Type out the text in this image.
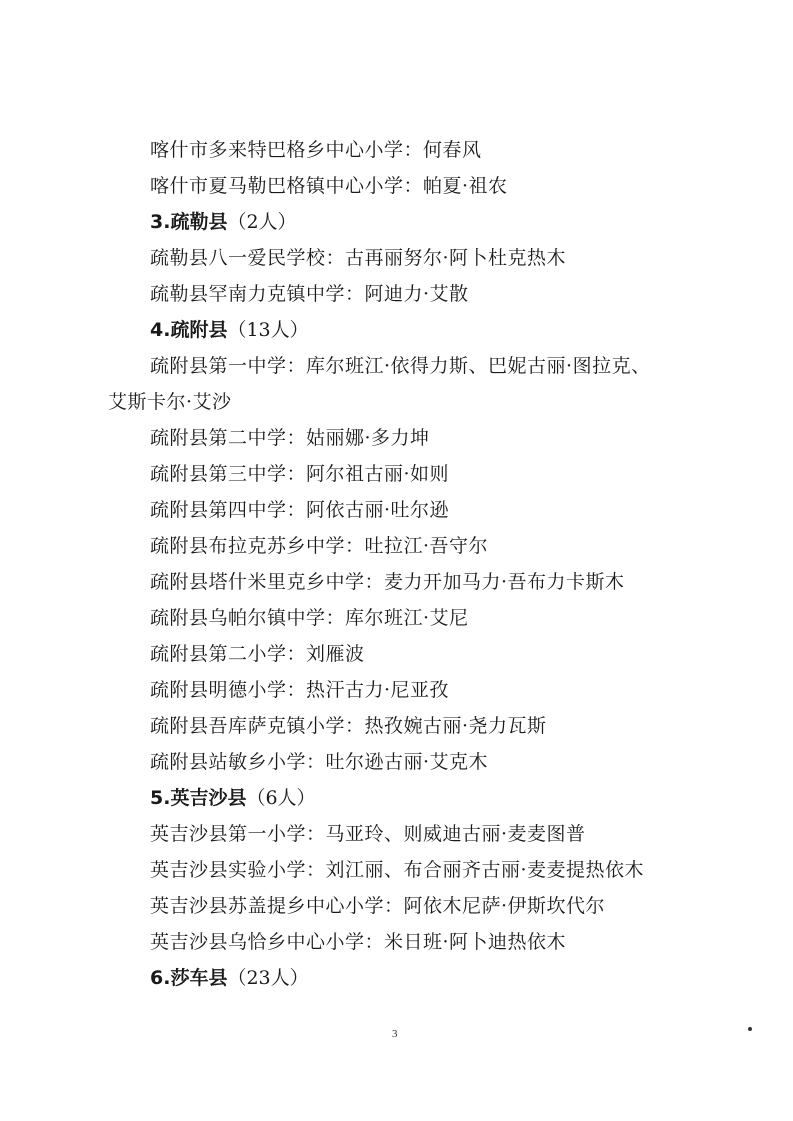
喀什市多来特巴格乡中心小学：何春风
喀什市夏马勒巴格镇中心小学：帕夏·祖农
3.疏勒县（2人）
疏勒县八一爱民学校：古再丽努尔·阿卜杜克热木
疏勒县罕南力克镇中学：阿迪力·艾散
4.疏附县（13人）
疏附县第一中学：库尔班江·依得力斯、巴妮古丽·图拉克、
艾斯卡尔·艾沙
疏附县第二中学：姑丽娜·多力坤
疏附县第三中学：阿尔祖古丽·如则
疏附县第四中学：阿依古丽·吐尔逊
疏附县布拉克苏乡中学：吐拉江·吾守尔
疏附县塔什米里克乡中学：麦力开加马力·吾布力卡斯木
疏附县乌帕尔镇中学：库尔班江·艾尼
疏附县第二小学：刘雁波
疏附县明德小学：热汗古力·尼亚孜
疏附县吾库萨克镇小学：热孜婉古丽·尧力瓦斯
疏附县站敏乡小学：吐尔逊古丽·艾克木
5.英吉沙县（6人）
英吉沙县第一小学：马亚玲、则威迪古丽·麦麦图普
英吉沙县实验小学：刘江丽、布合丽齐古丽·麦麦提热依木
英吉沙县苏盖提乡中心小学：阿依木尼萨·伊斯坎代尔
英吉沙县乌恰乡中心小学：米日班·阿卜迪热依木
6.莎车县（23人）
3
